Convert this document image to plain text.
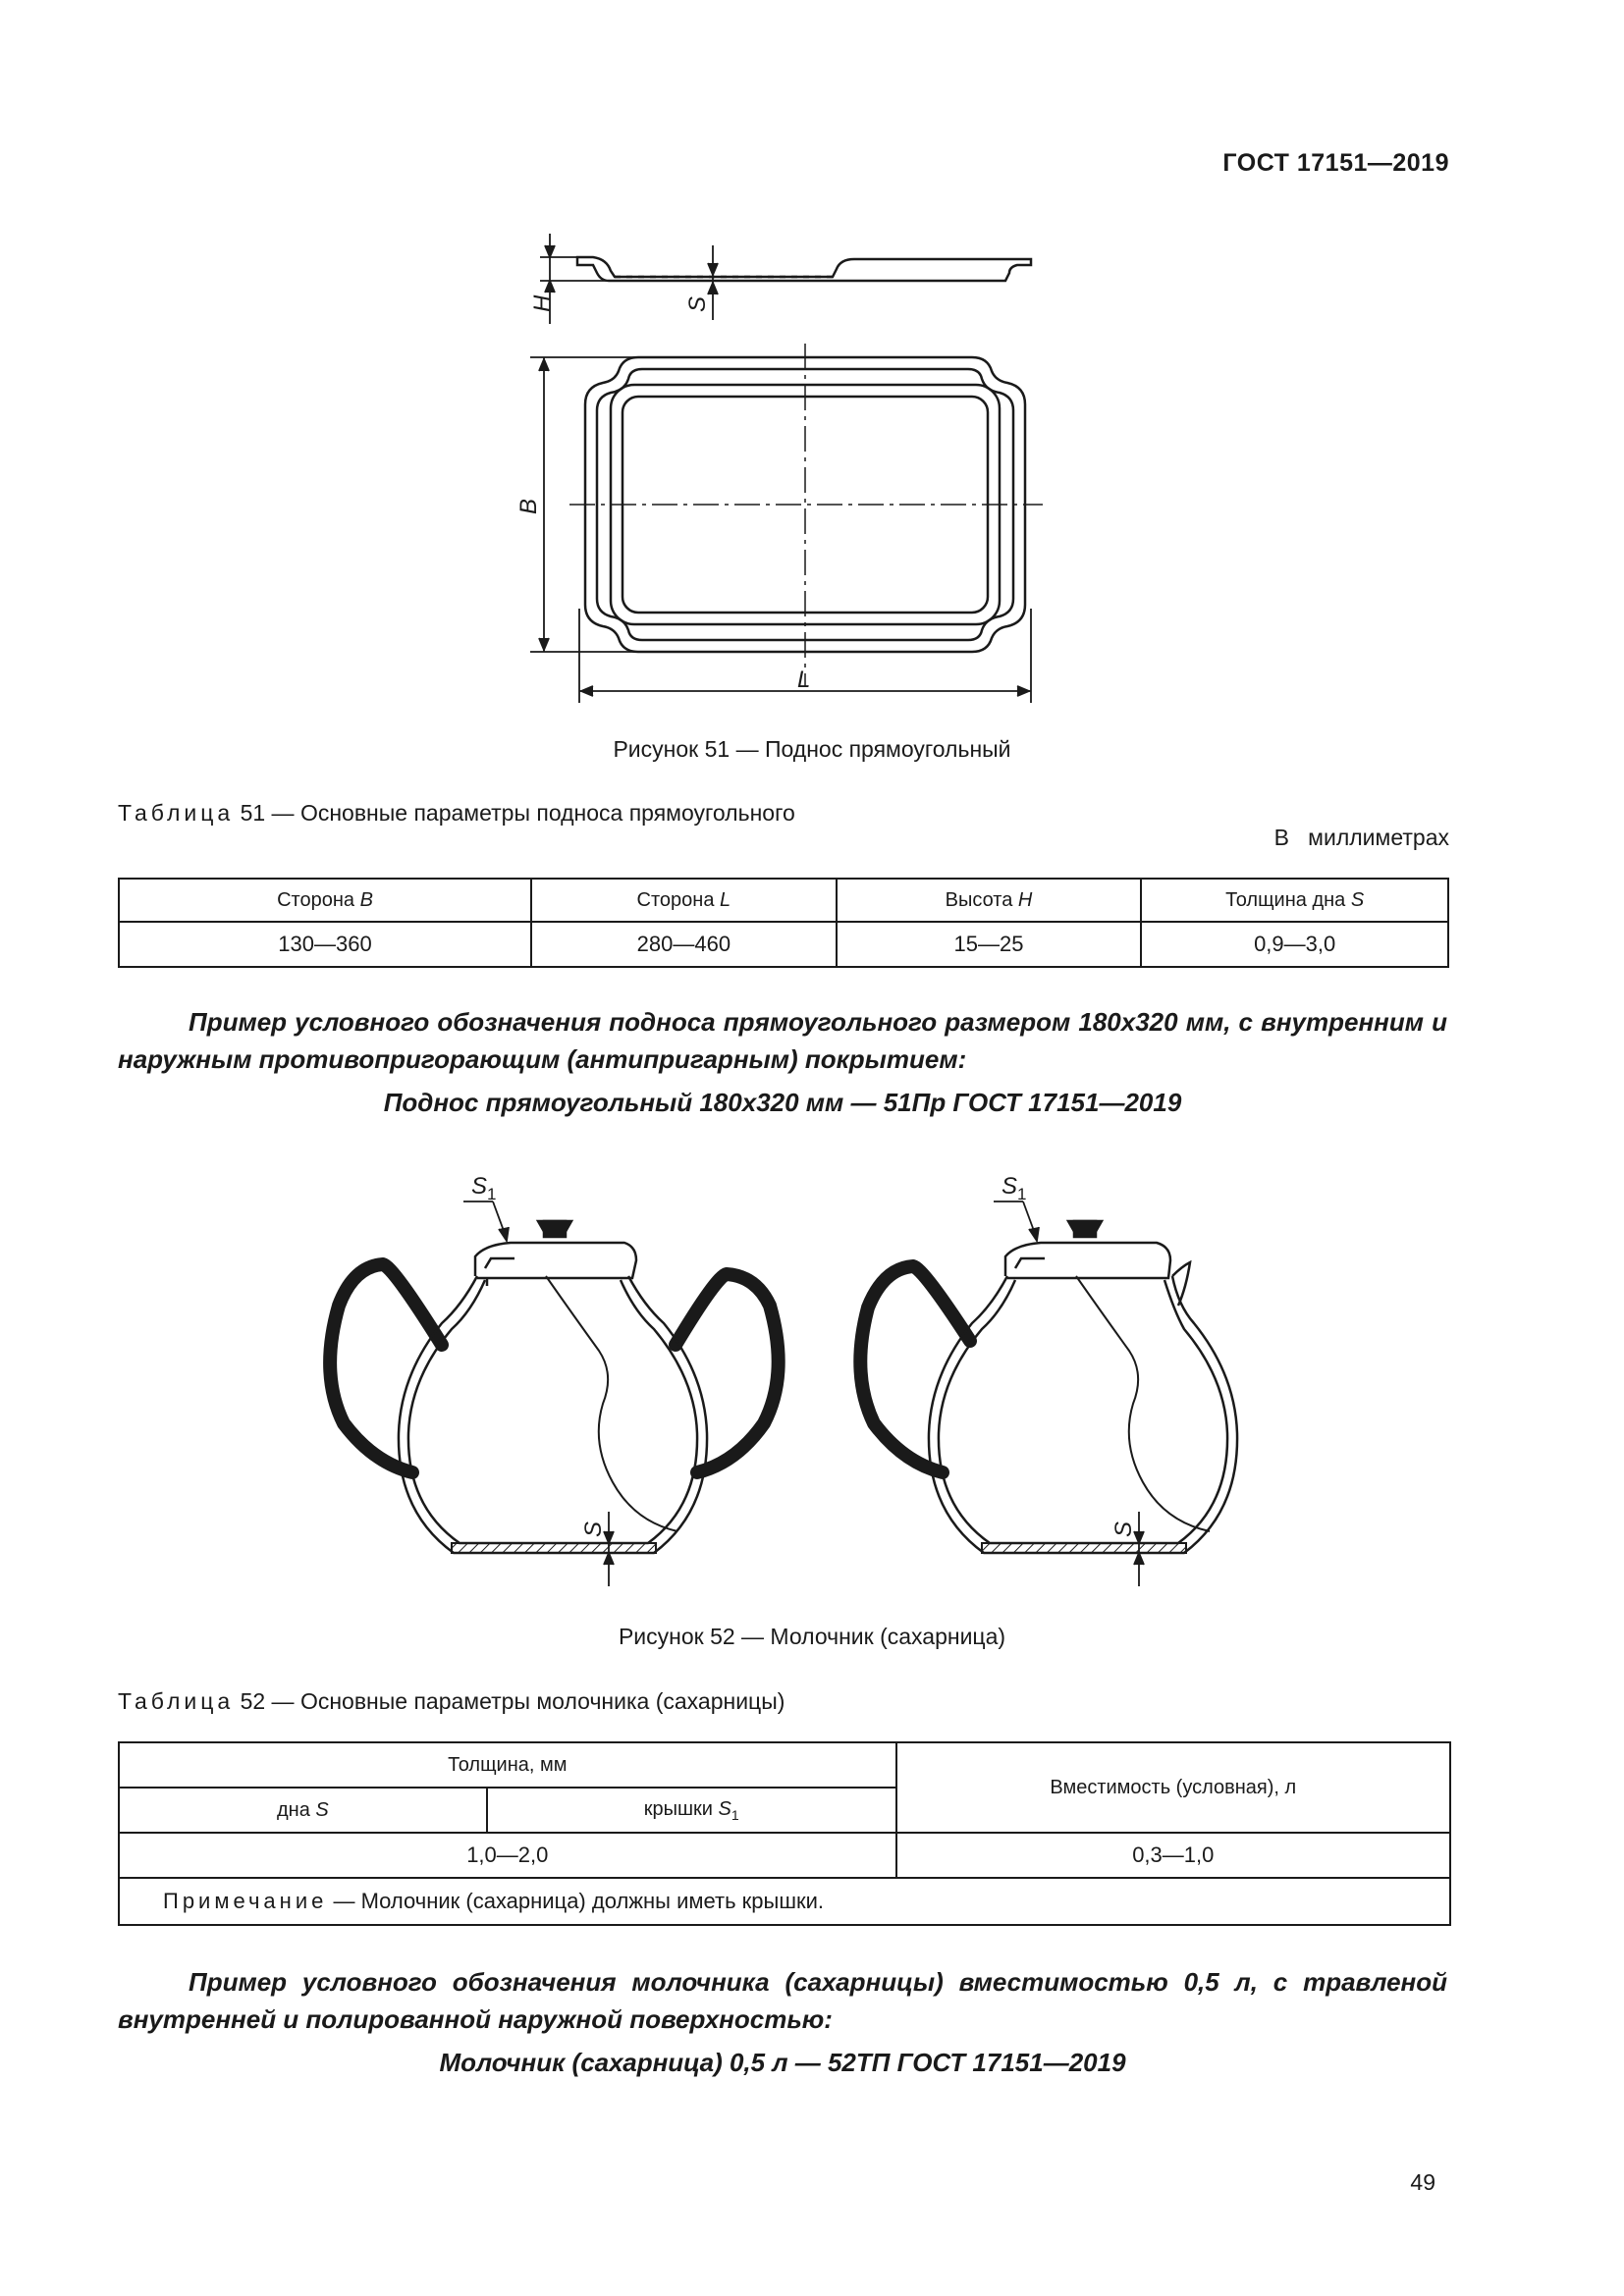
ГОСТ 17151—2019
H	S
B
L
Рисунок 51 — Поднос прямоугольный
Таблица 51 — Основные параметры подноса прямоугольного
В   миллиметрах
Сторона B	Сторона L	Высота H	Толщина дна S
130—360	280—460	15—25	0,9—3,0
Пример условного обозначения подноса прямоугольного размером 180х320 мм, с внутренним и наружным противопригорающим (антипригарным) покрытием:
Поднос прямоугольный 180х320 мм — 51Пр ГОСТ 17151—2019
$S_1$	$S_1$
S	S
Рисунок 52 — Молочник (сахарница)
Таблица 52 — Основные параметры молочника (сахарницы)
Толщина, мм		Вместимость (условная), л
дна S	крышки $S_1$
1,0—2,0		0,3—1,0
Примечание — Молочник (сахарница) должны иметь крышки.		
Пример условного обозначения молочника (сахарницы) вместимостью 0,5 л, с травленой внутренней и полированной наружной поверхностью:
Молочник (сахарница) 0,5 л — 52ТП ГОСТ 17151—2019
49
